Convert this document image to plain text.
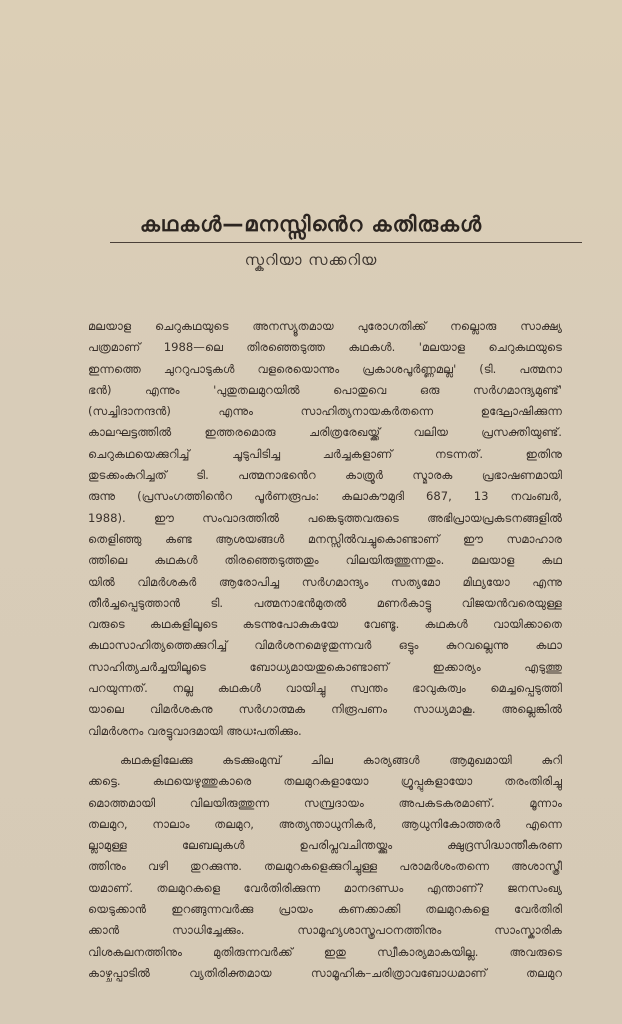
കഥകൾ—മനസ്സിൻെറ കതിരുകൾ
സ്കറിയാ സക്കറിയ
മലയാള ചെറുകഥയുടെ അനസ്യൂതമായ പുരോഗതിക്ക് നല്ലൊരു സാക്ഷ്യ
പത്രമാണ് 1988—ലെ തിരഞ്ഞെടുത്ത കഥകൾ. 'മലയാള ചെറുകഥയുടെ
ഇന്നത്തെ ചുററുപാടുകൾ വളരെയൊന്നും പ്രകാശപൂർണ്ണമല്ല' (ടി. പത്മനാ
ഭൻ) എന്നും 'പുതുതലമുറയിൽ പൊതുവെ ഒരു സർഗമാന്ദ്യമുണ്ട്'
(സച്ചിദാനന്ദൻ) എന്നും സാഹിത്യനായകർതന്നെ ഉദ്ഘോഷിക്കുന്ന
കാലഘട്ടത്തിൽ ഇത്തരമൊരു ചരിത്രരേഖയ്ക്ക് വലിയ പ്രസക്തിയുണ്ട്.
ചെറുകഥയെക്കുറിച്ച് ചൂടുപിടിച്ച ചർച്ചകളാണ് നടന്നത്. ഇതിനു
തുടക്കംകുറിച്ചത് ടി. പത്മനാഭൻെറ കാത്രൂർ സ്മാരക പ്രഭാഷണമായി
രുന്നു (പ്രസംഗത്തിൻെറ പൂർണരൂപം: കലാകൗമുദി 687, 13 നവംബർ,
1988). ഈ സംവാദത്തിൽ പങ്കെടുത്തവരുടെ അഭിപ്രായപ്രകടനങ്ങളിൽ
തെളിഞ്ഞു കണ്ട ആശയങ്ങൾ മനസ്സിൽവച്ചുകൊണ്ടാണ് ഈ സമാഹാര
ത്തിലെ കഥകൾ തിരഞ്ഞെടുത്തതും വിലയിരുത്തുന്നതും. മലയാള കഥ
യിൽ വിമർശകർ ആരോപിച്ച സർഗമാന്ദ്യം സത്യമോ മിഥ്യയോ എന്നു
തീർച്ചപ്പെടുത്താൻ ടി. പത്മനാഭൻമുതൽ മണർകാട്ടു വിജയൻവരെയുള്ള
വരുടെ കഥകളിലൂടെ കടന്നുപോകുകയേ വേണ്ടൂ. കഥകൾ വായിക്കാതെ
കഥാസാഹിത്യത്തെക്കുറിച്ച് വിമർശനമെഴുതുന്നവർ ഒട്ടും കുറവല്ലെന്നു കഥാ
സാഹിത്യചർച്ചയിലൂടെ ബോധ്യമായതുകൊണ്ടാണ് ഇക്കാര്യം എടുത്തു
പറയുന്നത്. നല്ല കഥകൾ വായിച്ചു സ്വന്തം ഭാവുകത്വം മെച്ചപ്പെടുത്തി
യാലെ വിമർശകനു സർഗാത്മക നിരൂപണം സാധ്യമാകൂ. അല്ലെങ്കിൽ
വിമർശനം വരട്ടുവാദമായി അധഃപതിക്കും.
കഥകളിലേക്കു കടക്കുംമുമ്പ് ചില കാര്യങ്ങൾ ആമുഖമായി കുറി
ക്കട്ടെ. കഥയെഴുത്തുകാരെ തലമുറകളായോ ഗ്രൂപ്പുകളായോ തരംതിരിച്ചു
മൊത്തമായി വിലയിരുത്തുന്ന സമ്പ്രദായം അപകടകരമാണ്. മൂന്നാം
തലമുറ, നാലാം തലമുറ, അത്യന്താധുനികർ, ആധുനികോത്തരർ എന്നെ
ല്ലാമുള്ള ലേബലുകൾ ഉപരിപ്ലവചിന്തയ്ക്കും ക്ഷുദ്രസിദ്ധാന്തീകരണ
ത്തിനും വഴി തുറക്കുന്നു. തലമുറകളെക്കുറിച്ചുള്ള പരാമർശംതന്നെ അശാസ്ത്രീ
യമാണ്. തലമുറകളെ വേർതിരിക്കുന്ന മാനദണ്ഡം എന്താണ്? ജനസംഖ്യ
യെടുക്കാൻ ഇറങ്ങുന്നവർക്കു പ്രായം കണക്കാക്കി തലമുറകളെ വേർതിരി
ക്കാൻ സാധിച്ചേക്കും. സാമൂഹ്യശാസ്ത്രപഠനത്തിനും സാംസ്കാരിക
വിശകലനത്തിനും മുതിരുന്നവർക്ക് ഇതു സ്വീകാര്യമാകയില്ല. അവരുടെ
കാഴ്ചപ്പാടിൽ വ്യതിരിക്തമായ സാമൂഹിക–ചരിത്രാവബോധമാണ് തലമുറ
